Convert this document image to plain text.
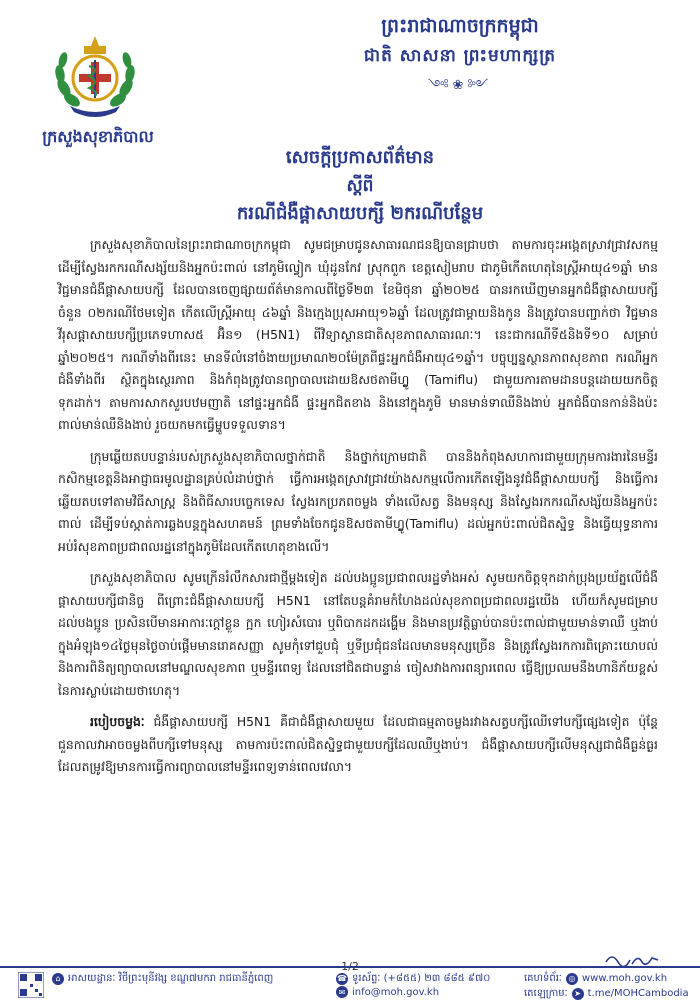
ព្រះរាជាណាចក្រកម្ពុជា
ជាតិ សាសនា ព្រះមហាក្សត្រ
༺❀༻
ក្រសួងសុខាភិបាល
សេចក្តីប្រកាសព័ត៌មាន
ស្តីពី
ករណីជំងឺផ្តាសាយបក្សី ២ករណីបន្ថែម

ក្រសួងសុខាភិបាលនៃព្រះរាជាណាចក្រកម្ពុជា សូមជម្រាបជូនសាធារណជនឱ្យបានជ្រាបថា តាមការចុះអង្កេតស្រាវជ្រាវសកម្ម ដើម្បីស្វែងរកករណីសង្ស័យនិងអ្នកប៉ះពាល់ នៅភូមិល្វៀក ឃុំដូនកែវ ស្រុកពួក ខេត្តសៀមរាប ជាភូមិកើតហេតុនៃស្រ្តីអាយុ៤១ឆ្នាំ មានវិជ្ជមានជំងឺផ្តាសាយបក្សី ដែលបានចេញផ្សាយព័ត៌មានកាលពីថ្ងៃទី២៣ ខែមិថុនា ឆ្នាំ២០២៥ បានរកឃើញមានអ្នកជំងឺផ្តាសាយបក្សីចំនួន ០២ករណីថែមទៀត កើតលើស្ត្រីអាយុ ៤៦ឆ្នាំ និងក្មេងប្រុសអាយុ១៦ឆ្នាំ ដែលត្រូវជាម្តាយនិងកូន និងត្រូវបានបញ្ជាក់ថា វិជ្ជមានវីរុសផ្តាសាយបក្សីប្រភេទហាស៥ អ៊ិន១ (H5N1) ពីវិទ្យាស្ថានជាតិសុខភាពសាធារណៈ។ នេះជាករណីទី៥និងទី១០ សម្រាប់ឆ្នាំ២០២៥។ ករណីទាំងពីរនេះ មានទីលំនៅចំងាយប្រមាណ២០ម៉ែត្រពីផ្ទះអ្នកជំងឺអាយុ៤១ឆ្នាំ។ បច្ចុប្បន្នស្ថានភាពសុខភាព ករណីអ្នកជំងឺទាំងពីរ ស្ថិតក្នុងស្ថេរភាព និងកំពុងត្រូវបានព្យាបាលដោយឱសថតាមីហ្វ្លូ (Tamiflu) ជាមួយការតាមដានបន្តដោយយកចិត្តទុកដាក់។ តាមការសាកសួរបឋមញាតិ នៅផ្ទះអ្នកជំងឺ ផ្ទះអ្នកជិតខាង និងនៅក្នុងភូមិ មានមាន់ទាឈឺនិងងាប់ អ្នកជំងឺបានកាន់និងប៉ះពាល់មាន់ឈឺនិងងាប់ រួចយកមកធ្វើម្ហូបទទួលទាន។

ក្រុមឆ្លើយតបបន្ទាន់របស់ក្រសួងសុខាភិបាលថ្នាក់ជាតិ និងថ្នាក់ក្រោមជាតិ បាននិងកំពុងសហការជាមួយក្រុមការងារនៃមន្ទីរកសិកម្មខេត្តនិងអាជ្ញាធរមូលដ្ឋានគ្រប់លំដាប់ថ្នាក់ ធ្វើការអង្កេតស្រាវជ្រាវយ៉ាងសកម្មលើការកើតឡើងនូវជំងឺផ្តាសាយបក្សី និងធ្វើការឆ្លើយតបទៅតាមវិធីសាស្ត្រ និងពិធីសារបច្ចេកទេស ស្វែងរកប្រភពចម្លង ទាំងលើសត្វ និងមនុស្ស និងស្វែងរកករណីសង្ស័យនិងអ្នកប៉ះពាល់ ដើម្បីទប់ស្កាត់ការឆ្លងបន្តក្នុងសហគមន៍ ព្រមទាំងចែកជូនឱសថតាមីហ្វ្លូ(Tamiflu) ដល់អ្នកប៉ះពាល់ជិតស្និទ្ធ និងធ្វើយុទ្ធនាការអប់រំសុខភាពប្រជាពលរដ្ឋនៅក្នុងភូមិដែលកើតហេតុខាងលើ។

ក្រសួងសុខាភិបាល សូមក្រើនរំលឹកសារជាថ្មីម្តងទៀត ដល់បងប្អូនប្រជាពលរដ្ឋទាំងអស់ សូមយកចិត្តទុកដាក់ប្រុងប្រយ័ត្នលើជំងឺផ្តាសាយបក្សីជានិច្ច ពីព្រោះជំងឺផ្តាសាយបក្សី H5N1 នៅតែបន្តគំរាមកំហែងដល់សុខភាពប្រជាពលរដ្ឋយើង ហើយក៏សូមជម្រាបដល់បងប្អូន ប្រសិនបើមានអាការៈក្តៅខ្លួន ក្អក ហៀរសំបោរ ឬពិបាកដកដង្ហើម និងមានប្រវត្តិធ្លាប់បានប៉ះពាល់ជាមួយមាន់ទាឈឺ ឬងាប់ក្នុងអំឡុង១៤ថ្ងៃមុនថ្ងៃចាប់ផ្តើមមានរោគសញ្ញា សូមកុំទៅជួបជុំ ឬទីប្រជុំជនដែលមានមនុស្សច្រើន និងត្រូវស្វែងរកការពិគ្រោះយោបល់ និងការពិនិត្យព្យាបាលនៅមណ្ឌលសុខភាព ឬមន្ទីរពេទ្យ ដែលនៅជិតជាបន្ទាន់ ចៀសវាងការពន្យារពេល ធ្វើឱ្យប្រឈមនឹងហានិភ័យខ្ពស់នៃការស្លាប់ដោយថាហេតុ។

របៀបចម្លងៈ ជំងឺផ្តាសាយបក្សី H5N1 គឺជាជំងឺផ្តាសាយមួយ ដែលជាធម្មតាចម្លងរវាងសត្វបក្សីឈើទៅបក្សីផ្សេងទៀត ប៉ុន្តែជួនកាលវាអាចចម្លងពីបក្សីទៅមនុស្ស តាមការប៉ះពាល់ជិតស្និទ្ធជាមួយបក្សីដែលឈឺឬងាប់។ ជំងឺផ្តាសាយបក្សីលើមនុស្សជាជំងឺធ្ងន់ធ្ងរ ដែលតម្រូវឱ្យមានការធ្វើការព្យាបាលនៅមន្ទីរពេទ្យទាន់ពេលវេលា។

1/2
⌂ អាសយដ្ឋានៈ វិថីព្រះមុនីវង្ស ខណ្ឌ៧មករា រាជធានីភ្នំពេញ	☎ ទូរស័ព្ទៈ (+៨៥៥) ២៣ ៨៨៥ ៩៧០
✉ info@moh.gov.kh
គេហទំព័រៈ ◎ www.moh.gov.kh
តេឡេក្រាមៈ ➤ t.me/MOHCambodia
